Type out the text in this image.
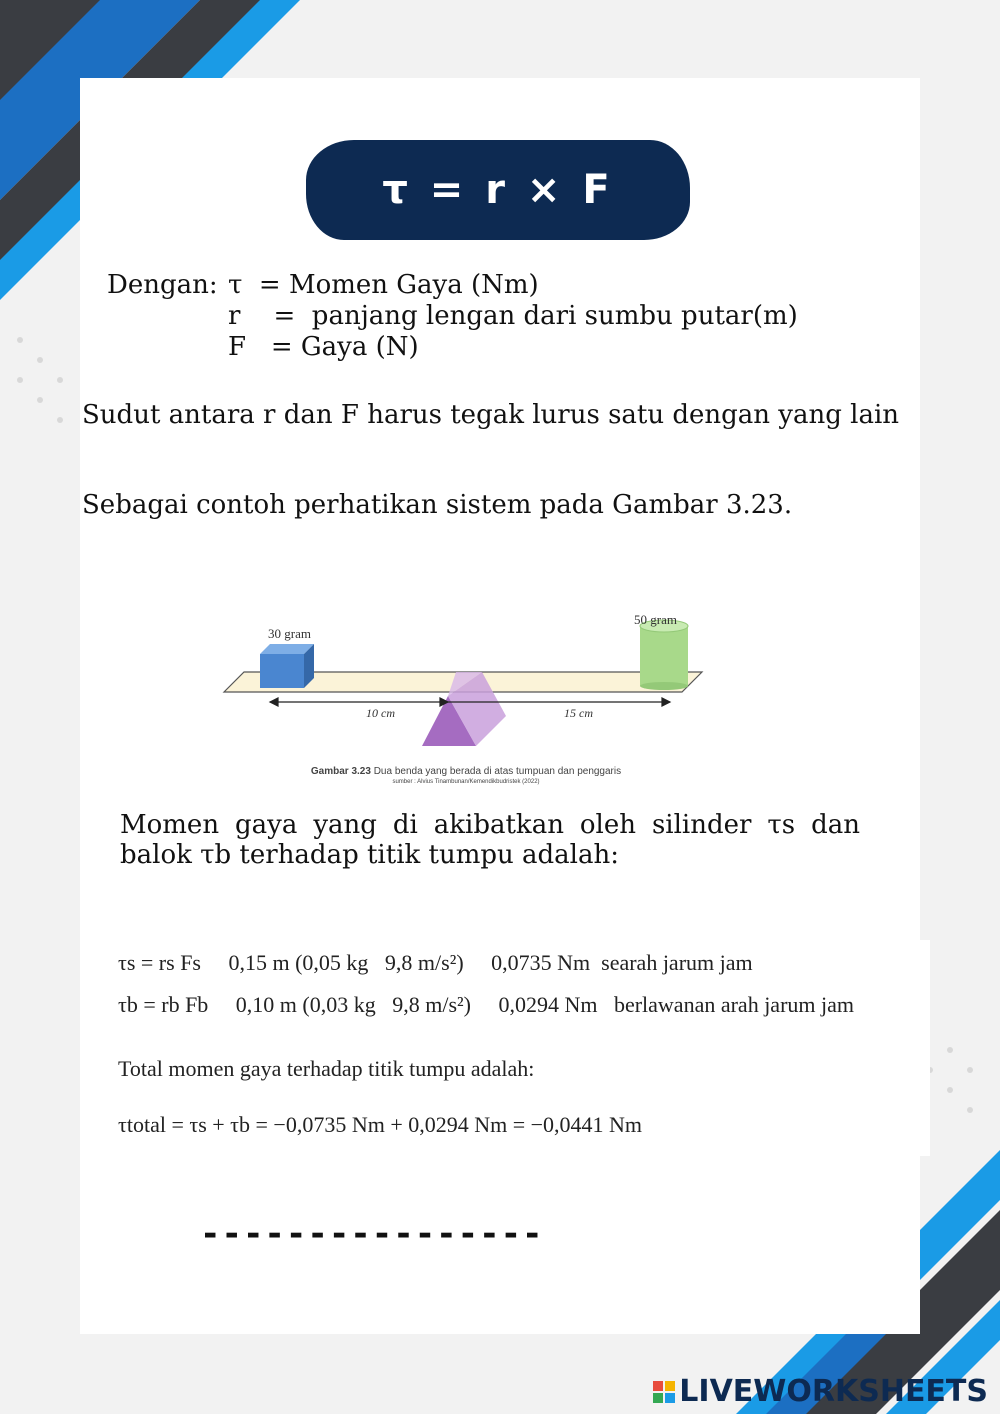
τ = r × F
Dengan: τ  = Momen Gaya (Nm)
r    =  panjang lengan dari sumbu putar(m)
F   = Gaya (N)
Sudut antara r dan F harus tegak lurus satu dengan yang lain
Sebagai contoh perhatikan sistem pada Gambar 3.23.
30 gram
50 gram
10 cm	15 cm
Gambar 3.23 Dua benda yang berada di atas tumpuan dan penggaris
sumber : Alvius Tinambunan/Kemendikbudristek (2022)
Momen gaya yang di akibatkan oleh silinder τs dan balok τb terhadap titik tumpu adalah:
τs = rs Fs     0,15 m (0,05 kg   9,8 m/s²)     0,0735 Nm  searah jarum jam
τb = rb Fb     0,10 m (0,03 kg   9,8 m/s²)     0,0294 Nm   berlawanan arah jarum jam
Total momen gaya terhadap titik tumpu adalah:
τtotal = τs + τb = −0,0735 Nm + 0,0294 Nm = −0,0441 Nm
----------------
LIVEWORKSHEETS
